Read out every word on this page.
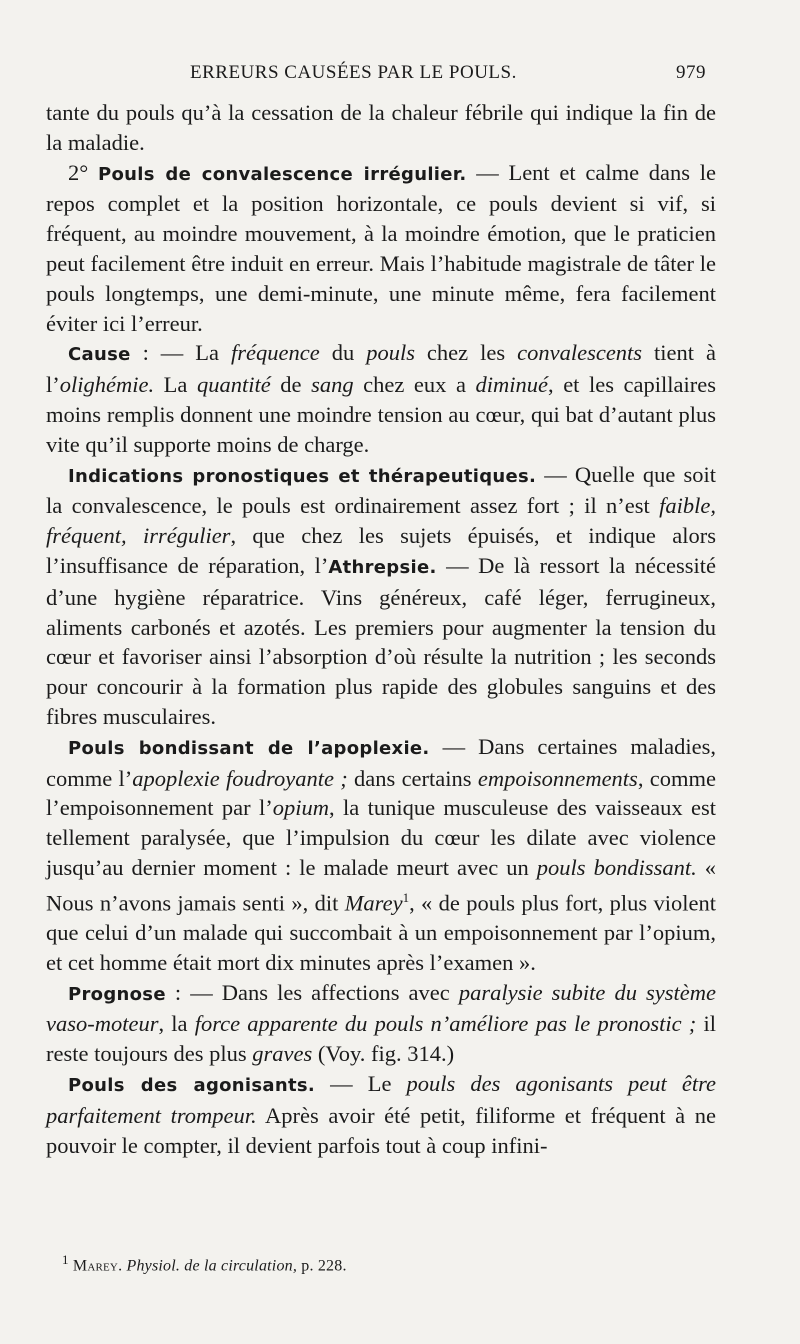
ERREURS CAUSÉES PAR LE POULS.	979

tante du pouls qu’à la cessation de la chaleur fébrile qui indique la fin de la maladie.

2° Pouls de convalescence irrégulier. — Lent et calme dans le repos complet et la position horizontale, ce pouls devient si vif, si fréquent, au moindre mouvement, à la moindre émotion, que le praticien peut facilement être induit en erreur. Mais l’habitude magistrale de tâter le pouls longtemps, une demi-minute, une minute même, fera facilement éviter ici l’erreur.

Cause : — La fréquence du pouls chez les convalescents tient à l’olighémie. La quantité de sang chez eux a diminué, et les capillaires moins remplis donnent une moindre tension au cœur, qui bat d’autant plus vite qu’il supporte moins de charge.

Indications pronostiques et thérapeutiques. — Quelle que soit la convalescence, le pouls est ordinairement assez fort ; il n’est faible, fréquent, irrégulier, que chez les sujets épuisés, et indique alors l’insuffisance de réparation, l’Athrepsie. — De là ressort la nécessité d’une hygiène réparatrice. Vins généreux, café léger, ferrugineux, aliments carbonés et azotés. Les premiers pour augmenter la tension du cœur et favoriser ainsi l’absorption d’où résulte la nutrition ; les seconds pour concourir à la formation plus rapide des globules sanguins et des fibres musculaires.

Pouls bondissant de l’apoplexie. — Dans certaines maladies, comme l’apoplexie foudroyante ; dans certains empoisonnements, comme l’empoisonnement par l’opium, la tunique musculeuse des vaisseaux est tellement paralysée, que l’impulsion du cœur les dilate avec violence jusqu’au dernier moment : le malade meurt avec un pouls bondissant. « Nous n’avons jamais senti », dit Marey$^1$, « de pouls plus fort, plus violent que celui d’un malade qui succombait à un empoisonnement par l’opium, et cet homme était mort dix minutes après l’examen ».

Prognose : — Dans les affections avec paralysie subite du système vaso-moteur, la force apparente du pouls n’améliore pas le pronostic ; il reste toujours des plus graves (Voy. fig. 314.)

Pouls des agonisants. — Le pouls des agonisants peut être parfaitement trompeur. Après avoir été petit, filiforme et fréquent à ne pouvoir le compter, il devient parfois tout à coup infini-

$^1$ Marey. Physiol. de la circulation, p. 228.
